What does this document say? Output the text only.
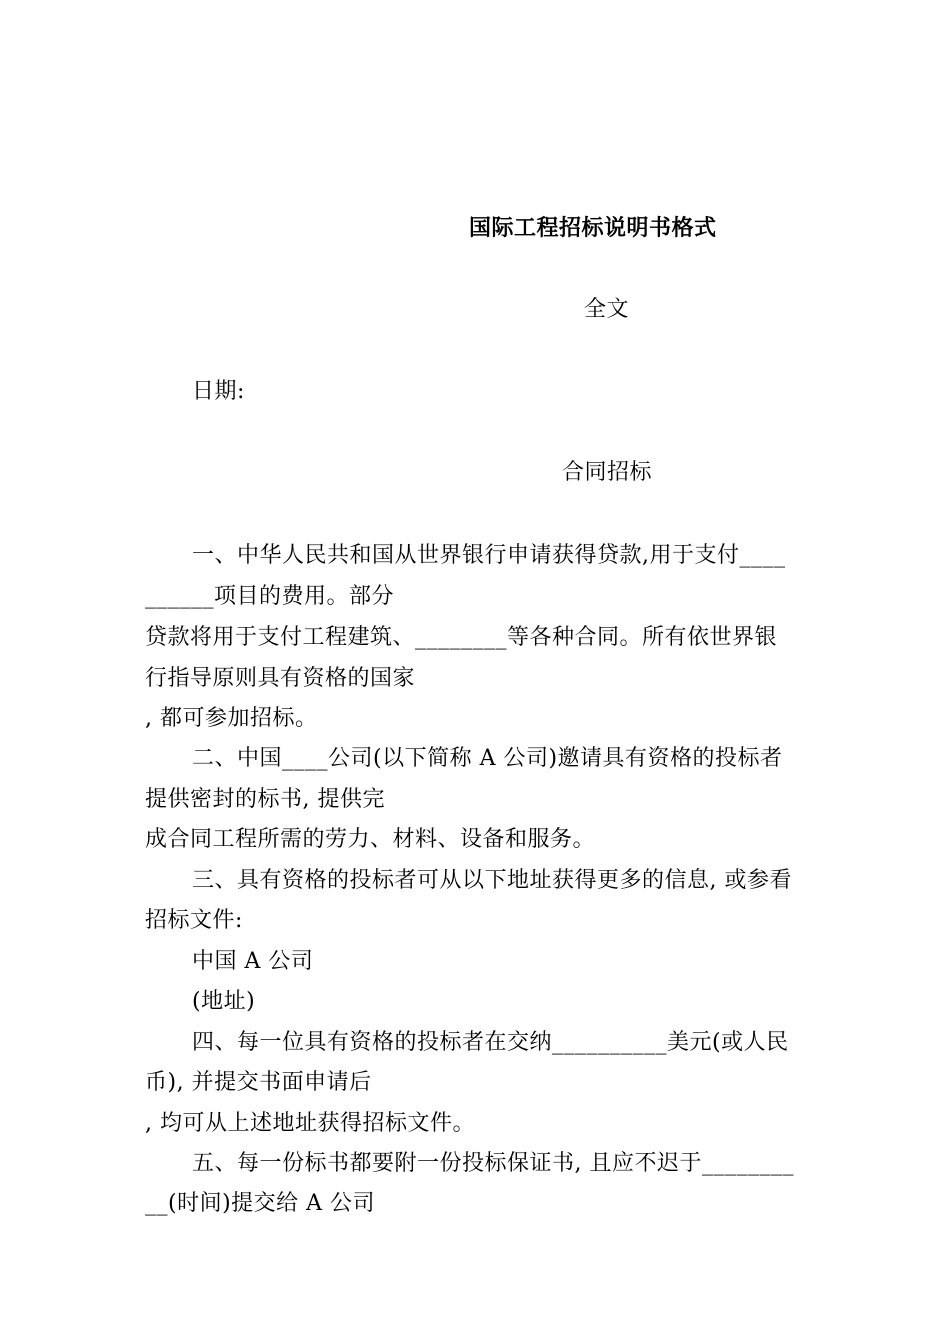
国际工程招标说明书格式
全文
日期:
合同招标
一、中华人民共和国从世界银行申请获得贷款,用于支付____
______项目的费用。部分
贷款将用于支付工程建筑、________等各种合同。所有依世界银
行指导原则具有资格的国家
, 都可参加招标。
二、中国____公司(以下简称 A 公司)邀请具有资格的投标者
提供密封的标书, 提供完
成合同工程所需的劳力、材料、设备和服务。
三、具有资格的投标者可从以下地址获得更多的信息, 或参看
招标文件:
中国 A 公司
(地址)
四、每一位具有资格的投标者在交纳__________美元(或人民
币), 并提交书面申请后
, 均可从上述地址获得招标文件。
五、每一份标书都要附一份投标保证书, 且应不迟于________
__(时间)提交给 A 公司
